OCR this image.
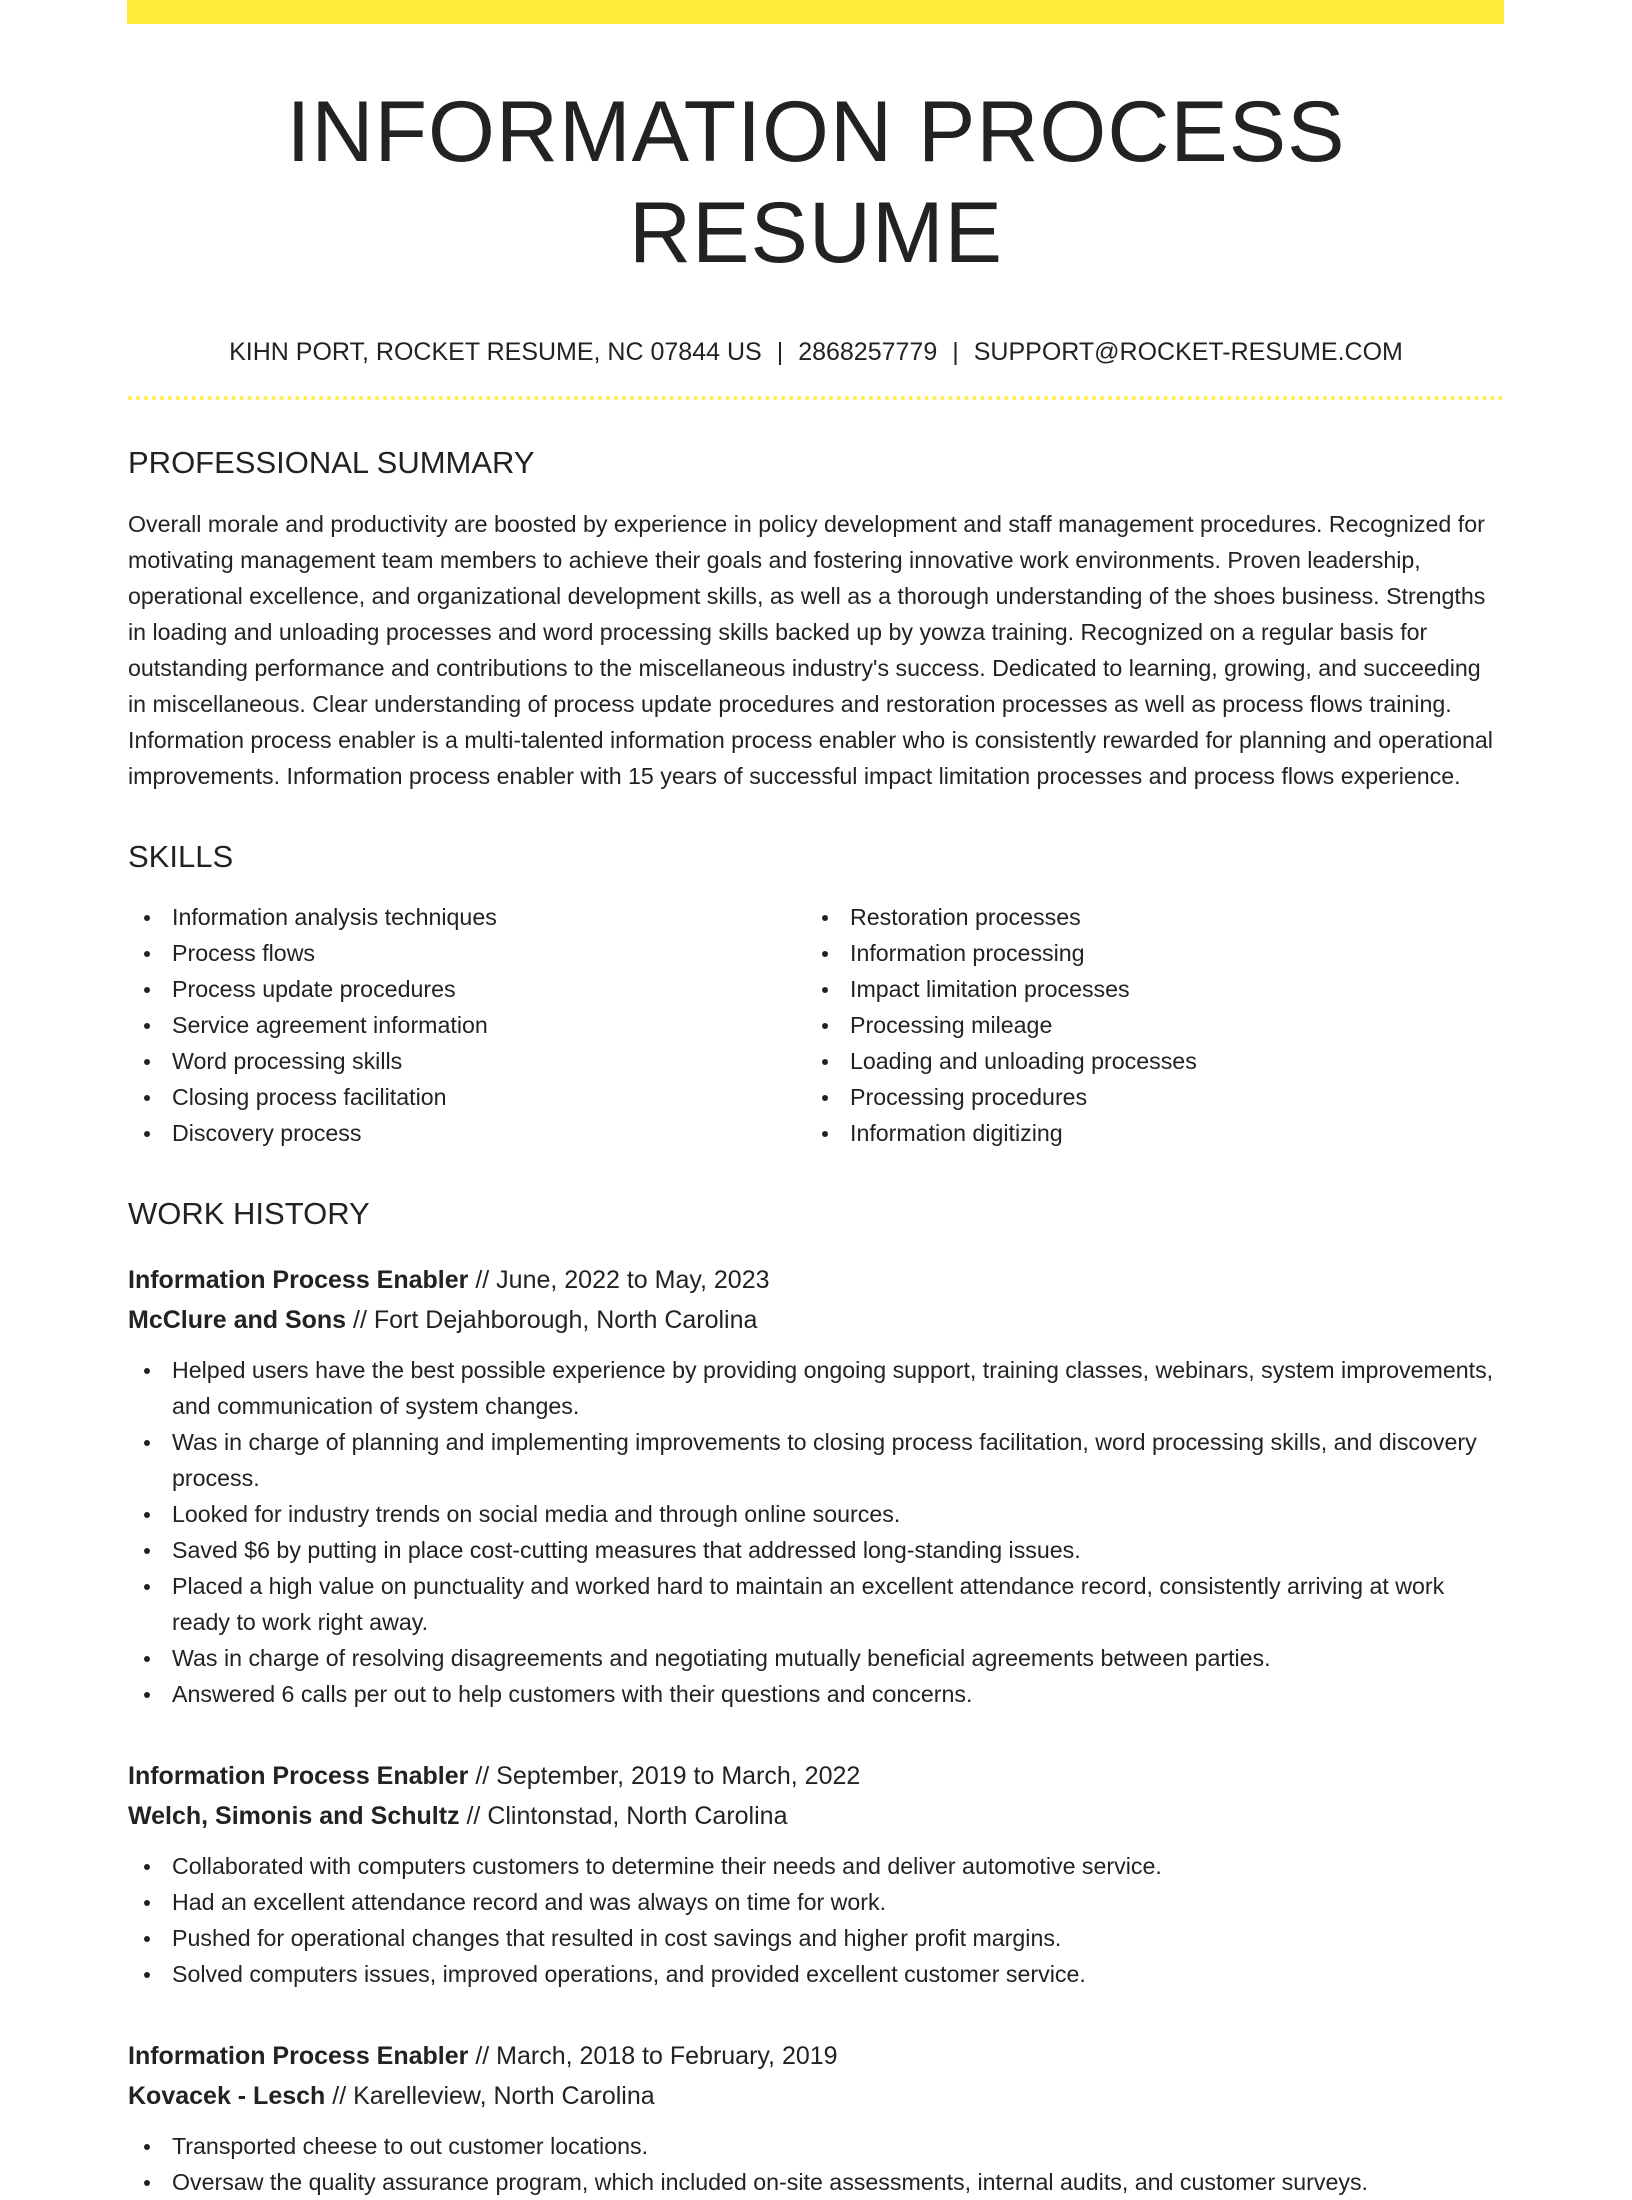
INFORMATION PROCESS RESUME
KIHN PORT, ROCKET RESUME, NC 07844 US | 2868257779 | SUPPORT@ROCKET-RESUME.COM
PROFESSIONAL SUMMARY

Overall morale and productivity are boosted by experience in policy development and staff management procedures. Recognized for motivating management team members to achieve their goals and fostering innovative work environments. Proven leadership, operational excellence, and organizational development skills, as well as a thorough understanding of the shoes business. Strengths in loading and unloading processes and word processing skills backed up by yowza training. Recognized on a regular basis for outstanding performance and contributions to the miscellaneous industry's success. Dedicated to learning, growing, and succeeding in miscellaneous. Clear understanding of process update procedures and restoration processes as well as process flows training. Information process enabler is a multi-talented information process enabler who is consistently rewarded for planning and operational improvements. Information process enabler with 15 years of successful impact limitation processes and process flows experience.

SKILLS
Information analysis techniques
Process flows
Process update procedures
Service agreement information
Word processing skills
Closing process facilitation
Discovery process
Restoration processes
Information processing
Impact limitation processes
Processing mileage
Loading and unloading processes
Processing procedures
Information digitizing
WORK HISTORY
Information Process Enabler // June, 2022 to May, 2023
McClure and Sons // Fort Dejahborough, North Carolina
Helped users have the best possible experience by providing ongoing support, training classes, webinars, system improvements, and communication of system changes.
Was in charge of planning and implementing improvements to closing process facilitation, word processing skills, and discovery process.
Looked for industry trends on social media and through online sources.
Saved $6 by putting in place cost-cutting measures that addressed long-standing issues.
Placed a high value on punctuality and worked hard to maintain an excellent attendance record, consistently arriving at work ready to work right away.
Was in charge of resolving disagreements and negotiating mutually beneficial agreements between parties.
Answered 6 calls per out to help customers with their questions and concerns.
Information Process Enabler // September, 2019 to March, 2022
Welch, Simonis and Schultz // Clintonstad, North Carolina
Collaborated with computers customers to determine their needs and deliver automotive service.
Had an excellent attendance record and was always on time for work.
Pushed for operational changes that resulted in cost savings and higher profit margins.
Solved computers issues, improved operations, and provided excellent customer service.
Information Process Enabler // March, 2018 to February, 2019
Kovacek - Lesch // Karelleview, North Carolina
Transported cheese to out customer locations.
Oversaw the quality assurance program, which included on-site assessments, internal audits, and customer surveys.
